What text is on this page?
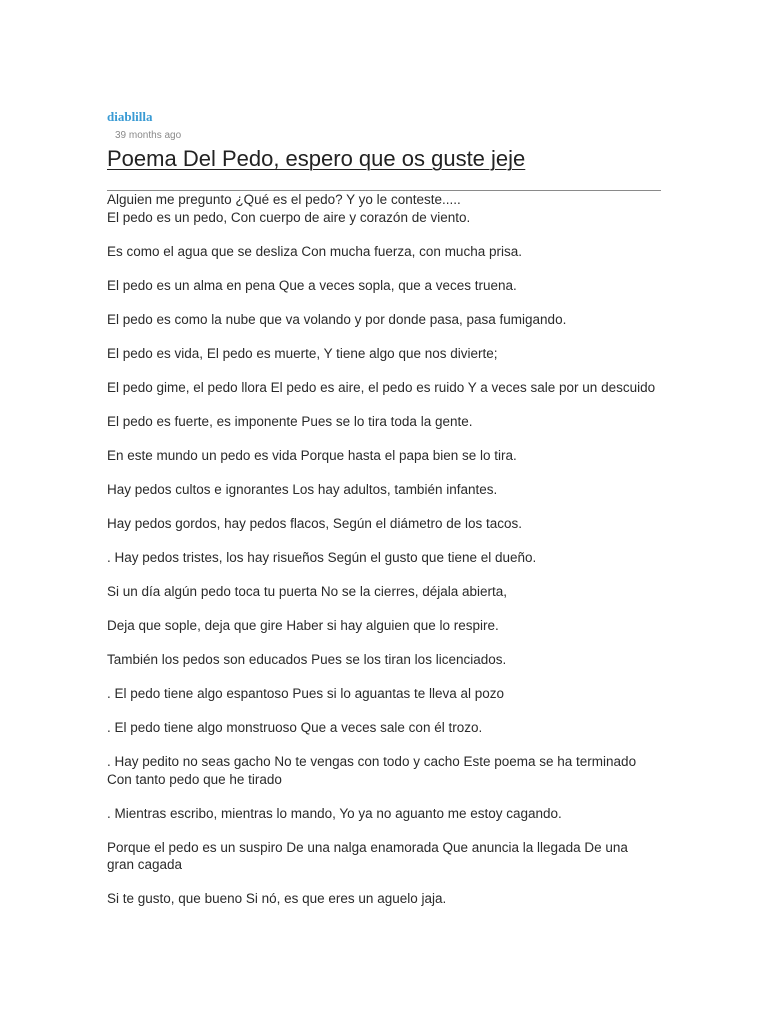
diablilla
39 months ago
Poema Del Pedo, espero que os guste jeje

Alguien me pregunto ¿Qué es el pedo? Y yo le conteste.....
El pedo es un pedo, Con cuerpo de aire y corazón de viento.

Es como el agua que se desliza Con mucha fuerza, con mucha prisa.

El pedo es un alma en pena Que a veces sopla, que a veces truena.

El pedo es como la nube que va volando y por donde pasa, pasa fumigando.

El pedo es vida, El pedo es muerte, Y tiene algo que nos divierte;

El pedo gime, el pedo llora El pedo es aire, el pedo es ruido Y a veces sale por un descuido

El pedo es fuerte, es imponente Pues se lo tira toda la gente.

En este mundo un pedo es vida Porque hasta el papa bien se lo tira.

Hay pedos cultos e ignorantes Los hay adultos, también infantes.

Hay pedos gordos, hay pedos flacos, Según el diámetro de los tacos.

. Hay pedos tristes, los hay risueños Según el gusto que tiene el dueño.

Si un día algún pedo toca tu puerta No se la cierres, déjala abierta,

Deja que sople, deja que gire Haber si hay alguien que lo respire.

También los pedos son educados Pues se los tiran los licenciados.

. El pedo tiene algo espantoso Pues si lo aguantas te lleva al pozo

. El pedo tiene algo monstruoso Que a veces sale con él trozo.

. Hay pedito no seas gacho No te vengas con todo y cacho Este poema se ha terminado Con tanto pedo que he tirado

. Mientras escribo, mientras lo mando, Yo ya no aguanto me estoy cagando.

Porque el pedo es un suspiro De una nalga enamorada Que anuncia la llegada De una gran cagada

Si te gusto, que bueno Si nó, es que eres un aguelo jaja.
